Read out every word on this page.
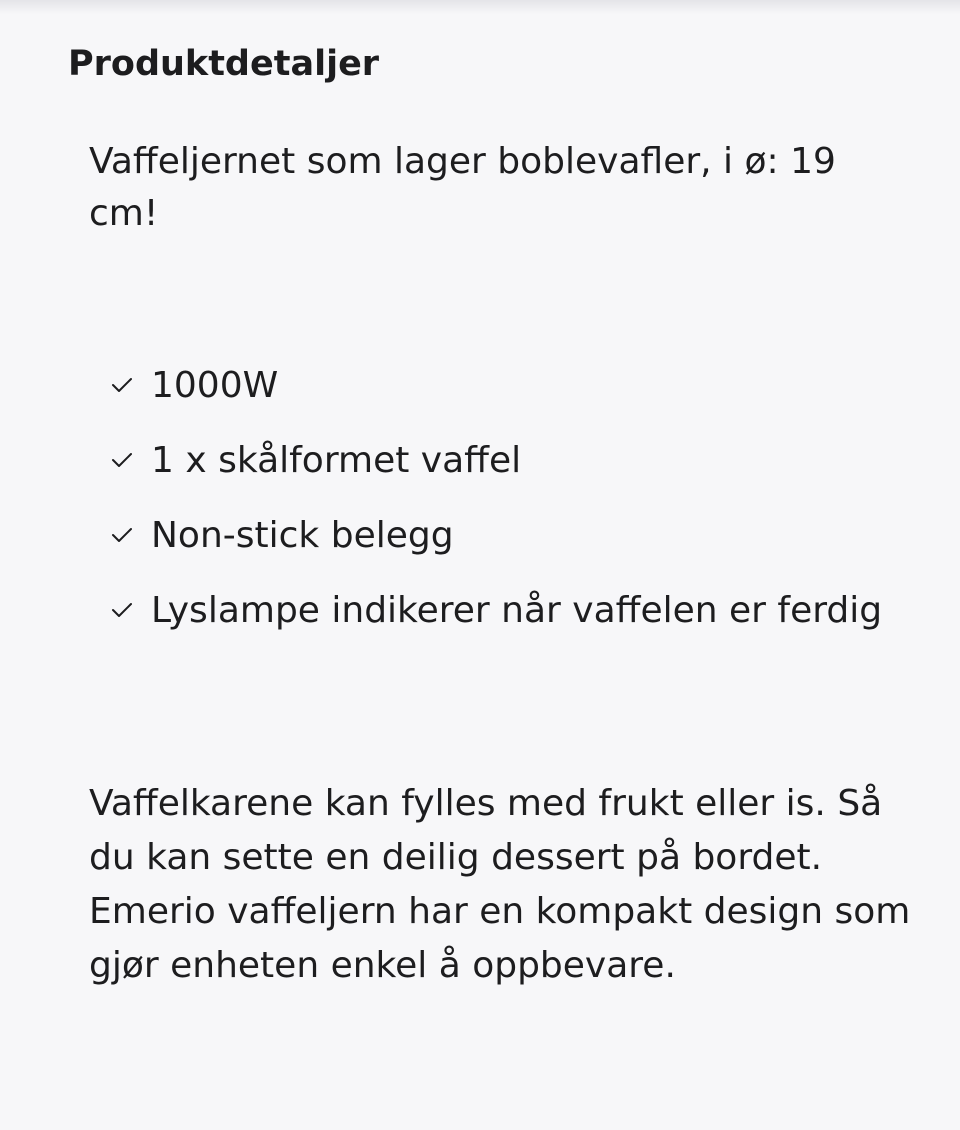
Produktdetaljer

Vaffeljernet som lager boblevafler, i ø: 19 cm!

1000W
1 x skålformet vaffel
Non-stick belegg
Lyslampe indikerer når vaffelen er ferdig

Vaffelkarene kan fylles med frukt eller is. Så du kan sette en deilig dessert på bordet. Emerio vaffeljern har en kompakt design som gjør enheten enkel å oppbevare.
